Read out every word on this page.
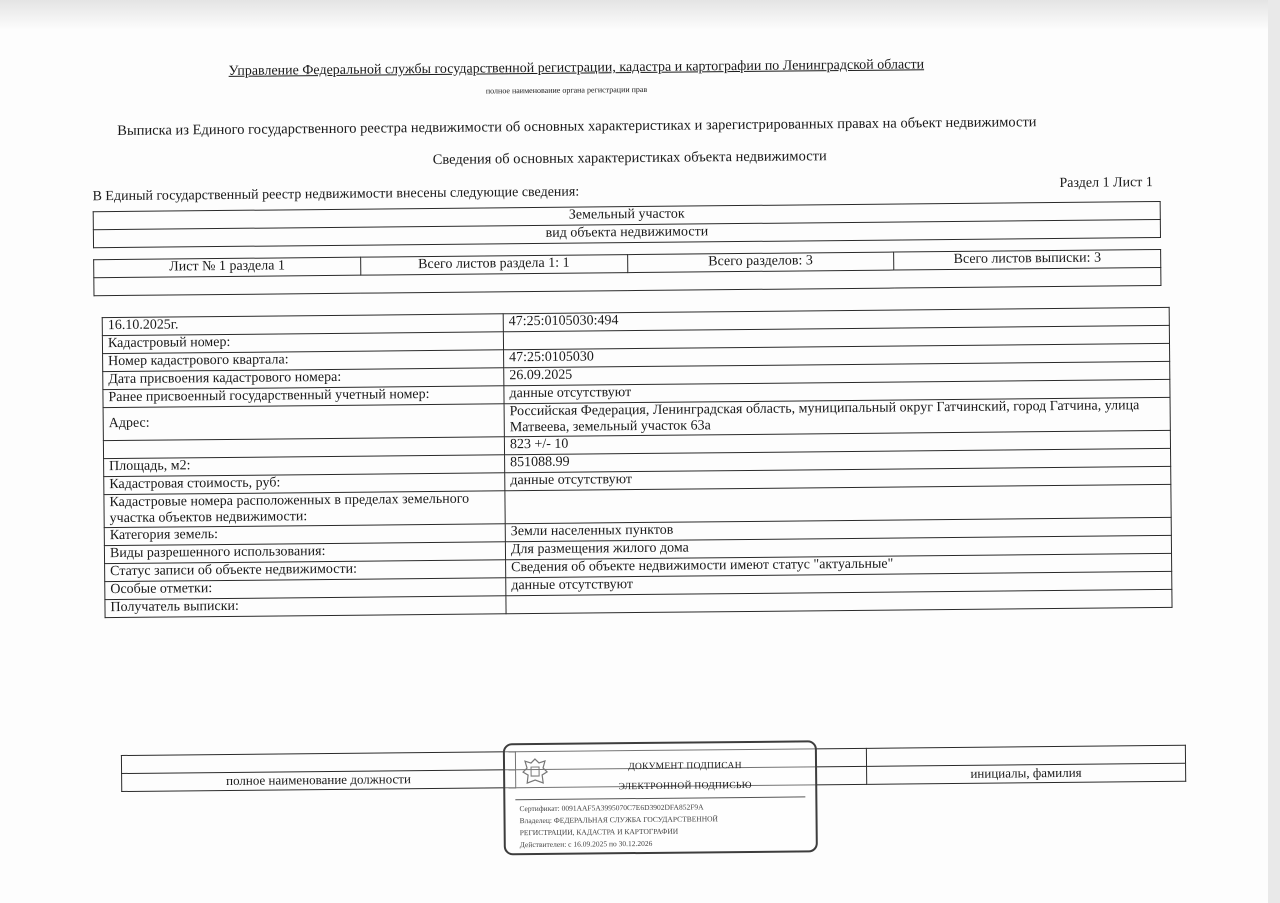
Управление Федеральной службы государственной регистрации, кадастра и картографии по Ленинградской области
полное наименование органа регистрации прав
Выписка из Единого государственного реестра недвижимости об основных характеристиках и зарегистрированных правах на объект недвижимости
Сведения об основных характеристиках объекта недвижимости
В Единый государственный реестр недвижимости внесены следующие сведения:
Раздел 1 Лист 1
Земельный участок
вид объекта недвижимости
Лист № 1 раздела 1	Всего листов раздела 1: 1	Всего разделов: 3	Всего листов выписки: 3

16.10.2025г.	47:25:0105030:494
Кадастровый номер:	
Номер кадастрового квартала:	47:25:0105030
Дата присвоения кадастрового номера:	26.09.2025
Ранее присвоенный государственный учетный номер:	данные отсутствуют
Адрес:	Российская Федерация, Ленинградская область, муниципальный округ Гатчинский, город Гатчина, улица Матвеева, земельный участок 63а
	823 +/- 10
Площадь, м2:	851088.99
Кадастровая стоимость, руб:	данные отсутствуют
Кадастровые номера расположенных в пределах земельного участка объектов недвижимости:	
Категория земель:	Земли населенных пунктов
Виды разрешенного использования:	Для размещения жилого дома
Статус записи об объекте недвижимости:	Сведения об объекте недвижимости имеют статус "актуальные"
Особые отметки:	данные отсутствуют
Получатель выписки:	

полное наименование должности		инициалы, фамилия
ДОКУМЕНТ ПОДПИСАН
ЭЛЕКТРОННОЙ ПОДПИСЬЮ
Сертификат: 0091AAF5A3995070C7E6D3902DFA852F9A
Владелец: ФЕДЕРАЛЬНАЯ СЛУЖБА ГОСУДАРСТВЕННОЙ
РЕГИСТРАЦИИ, КАДАСТРА И КАРТОГРАФИИ
Действителен: с 16.09.2025 по 30.12.2026
